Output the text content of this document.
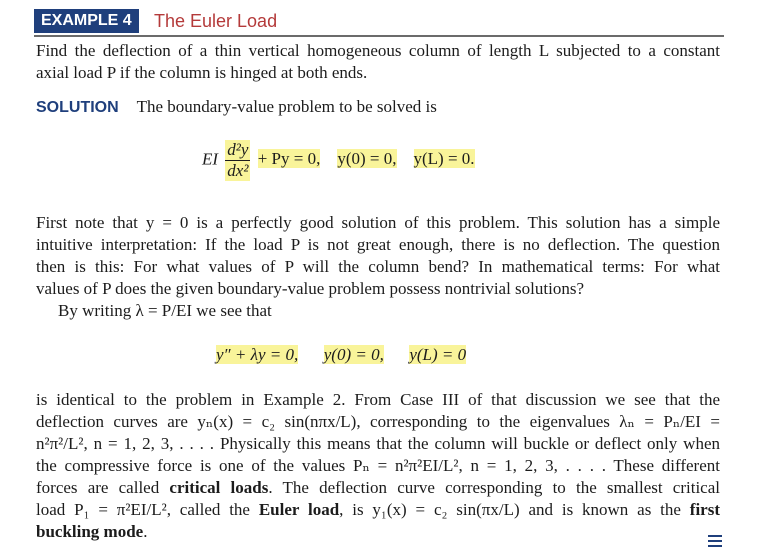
EXAMPLE 4	The Euler Load
Find the deflection of a thin vertical homogeneous column of length L subjected to a constant
axial load P if the column is hinged at both ends.
SOLUTION The boundary-value problem to be solved is
EI $\frac{\text{d²y}}{\text{dx²}} + Py = 0$, y(0) = 0, y(L) = 0.
First note that y = 0 is a perfectly good solution of this problem. This solution has a simple
intuitive interpretation: If the load P is not great enough, there is no deflection. The question
then is this: For what values of P will the column bend? In mathematical terms: For what
values of P does the given boundary-value problem possess nontrivial solutions?
By writing λ = P/EI we see that
y″ + λy = 0, y(0) = 0, y(L) = 0
is identical to the problem in Example 2. From Case III of that discussion we see that the
deflection curves are yₙ(x) = c₂ sin(nπx/L), corresponding to the eigenvalues λₙ = Pₙ/EI =
n²π²/L², n = 1, 2, 3, . . . . Physically this means that the column will buckle or deflect only when
the compressive force is one of the values Pₙ = n²π²EI/L², n = 1, 2, 3, . . . . These different
forces are called critical loads. The deflection curve corresponding to the smallest critical
load P₁ = π²EI/L², called the Euler load, is y₁(x) = c₂ sin(πx/L) and is known as the first
buckling mode.
